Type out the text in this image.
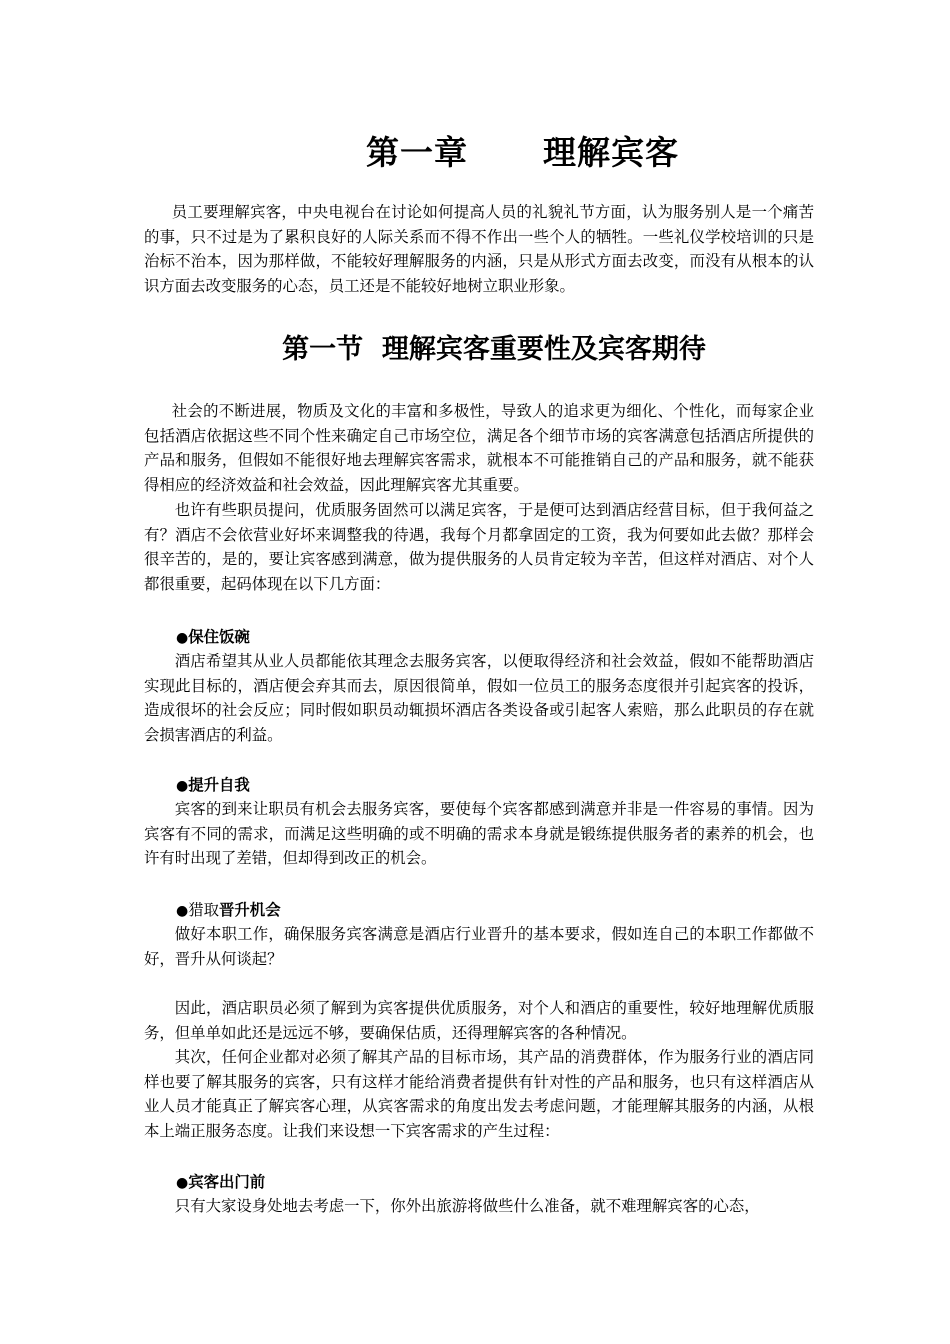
第一章      理解宾客

员工要理解宾客，中央电视台在讨论如何提高人员的礼貌礼节方面，认为服务别人是一个痛苦的事，只不过是为了累积良好的人际关系而不得不作出一些个人的牺牲。一些礼仪学校培训的只是治标不治本，因为那样做，不能较好理解服务的内涵，只是从形式方面去改变，而没有从根本的认识方面去改变服务的心态，员工还是不能较好地树立职业形象。

第一节  理解宾客重要性及宾客期待

社会的不断进展，物质及文化的丰富和多极性，导致人的追求更为细化、个性化，而每家企业包括酒店依据这些不同个性来确定自己市场空位，满足各个细节市场的宾客满意包括酒店所提供的产品和服务，但假如不能很好地去理解宾客需求，就根本不可能推销自己的产品和服务，就不能获得相应的经济效益和社会效益，因此理解宾客尤其重要。

也许有些职员提问，优质服务固然可以满足宾客，于是便可达到酒店经营目标，但于我何益之有？酒店不会依营业好坏来调整我的待遇，我每个月都拿固定的工资，我为何要如此去做？那样会很辛苦的，是的，要让宾客感到满意，做为提供服务的人员肯定较为辛苦，但这样对酒店、对个人都很重要，起码体现在以下几方面：

●保住饭碗

酒店希望其从业人员都能依其理念去服务宾客，以便取得经济和社会效益，假如不能帮助酒店实现此目标的，酒店便会弃其而去，原因很简单，假如一位员工的服务态度很并引起宾客的投诉，造成很坏的社会反应；同时假如职员动辄损坏酒店各类设备或引起客人索赔，那么此职员的存在就会损害酒店的利益。

●提升自我

宾客的到来让职员有机会去服务宾客，要使每个宾客都感到满意并非是一件容易的事情。因为宾客有不同的需求，而满足这些明确的或不明确的需求本身就是锻练提供服务者的素养的机会，也许有时出现了差错，但却得到改正的机会。

●猎取晋升机会

做好本职工作，确保服务宾客满意是酒店行业晋升的基本要求，假如连自己的本职工作都做不好，晋升从何谈起？

因此，酒店职员必须了解到为宾客提供优质服务，对个人和酒店的重要性，较好地理解优质服务，但单单如此还是远远不够，要确保估质，还得理解宾客的各种情况。

其次，任何企业都对必须了解其产品的目标市场，其产品的消费群体，作为服务行业的酒店同样也要了解其服务的宾客，只有这样才能给消费者提供有针对性的产品和服务，也只有这样酒店从业人员才能真正了解宾客心理，从宾客需求的角度出发去考虑问题，才能理解其服务的内涵，从根本上端正服务态度。让我们来设想一下宾客需求的产生过程：

●宾客出门前

只有大家设身处地去考虑一下，你外出旅游将做些什么准备，就不难理解宾客的心态，
